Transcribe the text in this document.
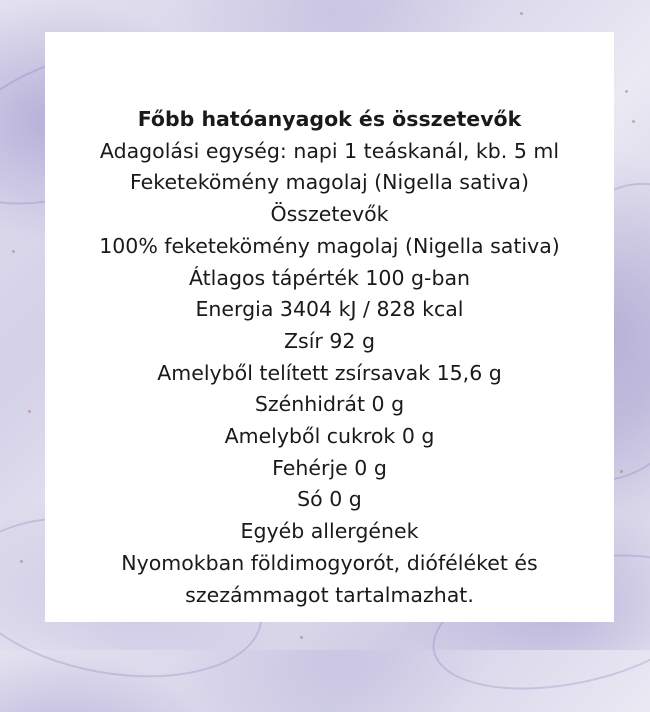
Főbb hatóanyagok és összetevők
Adagolási egység: napi 1 teáskanál, kb. 5 ml
Feketekömény magolaj (Nigella sativa)
Összetevők
100% feketekömény magolaj (Nigella sativa)
Átlagos tápérték 100 g-ban
Energia 3404 kJ / 828 kcal
Zsír 92 g
Amelyből telített zsírsavak 15,6 g
Szénhidrát 0 g
Amelyből cukrok 0 g
Fehérje 0 g
Só 0 g
Egyéb allergének
Nyomokban földimogyorót, dióféléket és
szezámmagot tartalmazhat.
